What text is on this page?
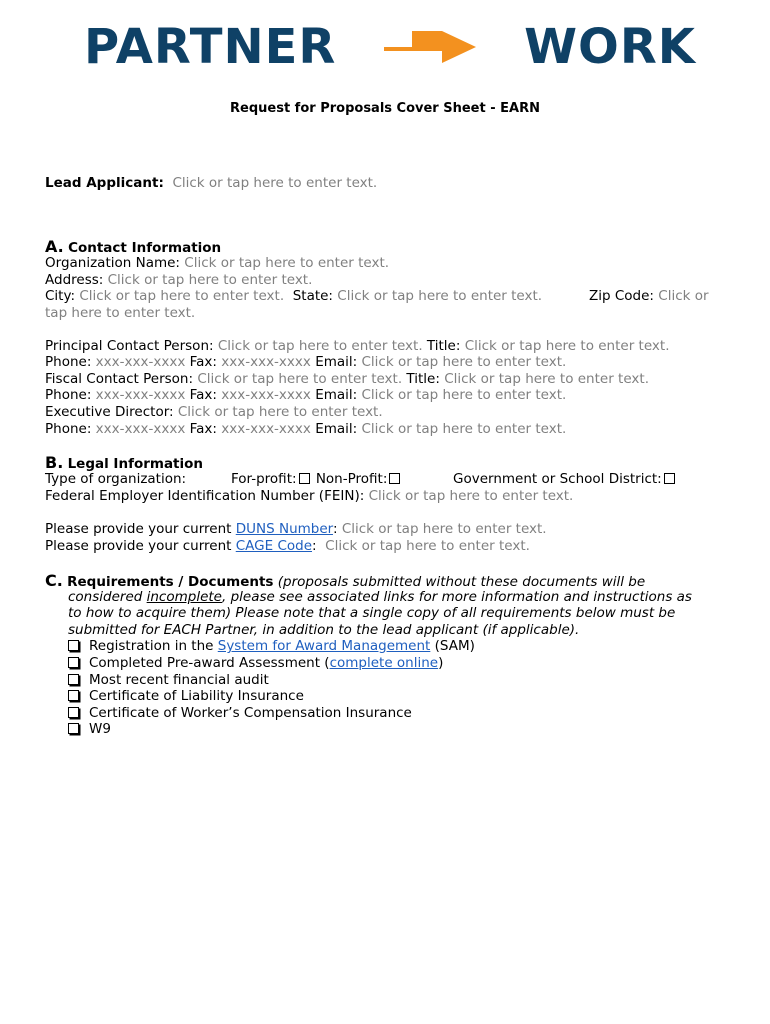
PARTNER	WORK
Request for Proposals Cover Sheet - EARN
Lead Applicant: Click or tap here to enter text.
A. Contact Information
Organization Name: Click or tap here to enter text.
Address: Click or tap here to enter text.
City: Click or tap here to enter text. State: Click or tap here to enter text.	Zip Code: Click or
tap here to enter text.
Principal Contact Person: Click or tap here to enter text. Title: Click or tap here to enter text.
Phone: xxx-xxx-xxxx Fax: xxx-xxx-xxxx Email: Click or tap here to enter text.
Fiscal Contact Person: Click or tap here to enter text. Title: Click or tap here to enter text.
Phone: xxx-xxx-xxxx Fax: xxx-xxx-xxxx Email: Click or tap here to enter text.
Executive Director: Click or tap here to enter text.
Phone: xxx-xxx-xxxx Fax: xxx-xxx-xxxx Email: Click or tap here to enter text.
B. Legal Information
Type of organization:	For-profit: Non-Profit:	Government or School District:
Federal Employer Identification Number (FEIN): Click or tap here to enter text.
Please provide your current DUNS Number: Click or tap here to enter text.
Please provide your current CAGE Code:  Click or tap here to enter text.
C. Requirements / Documents (proposals submitted without these documents will be
considered incomplete, please see associated links for more information and instructions as
to how to acquire them) Please note that a single copy of all requirements below must be
submitted for EACH Partner, in addition to the lead applicant (if applicable).
Registration in the System for Award Management (SAM)
Completed Pre-award Assessment (complete online)
Most recent financial audit
Certificate of Liability Insurance
Certificate of Worker’s Compensation Insurance
W9
